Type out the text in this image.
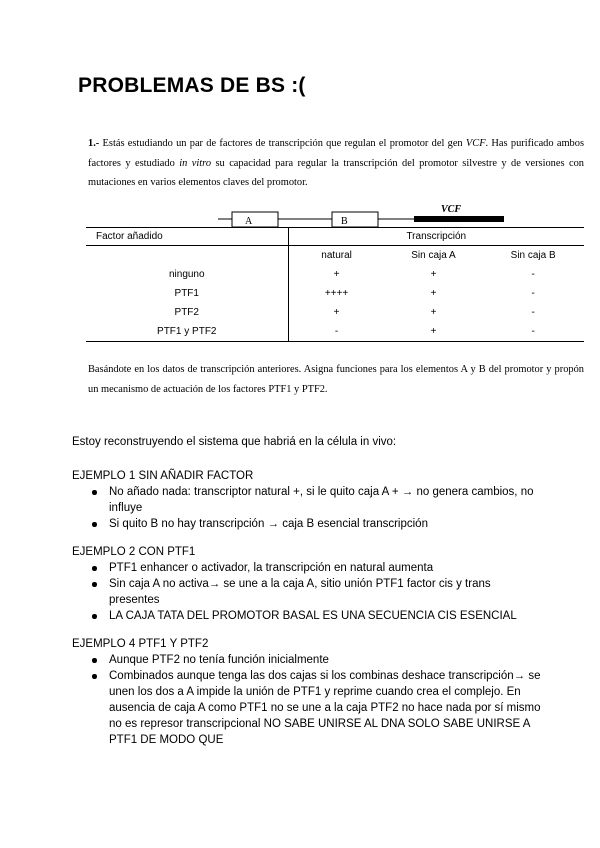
PROBLEMAS DE BS :(
1.- Estás estudiando un par de factores de transcripción que regulan el promotor del gen VCF. Has purificado ambos factores y estudiado in vitro su capacidad para regular la transcripción del promotor silvestre y de versiones con mutaciones en varios elementos claves del promotor.
A	B
VCF
Factor añadido	Transcripción		
	natural	Sin caja A	Sin caja B
ninguno	+	+	-
PTF1	++++	+	-
PTF2	+	+	-
PTF1 y PTF2	-	+	-
Basándote en los datos de transcripción anteriores. Asigna funciones para los elementos A y B del promotor y propón un mecanismo de actuación de los factores PTF1 y PTF2.

Estoy reconstruyendo el sistema que habriá en la célula in vivo:

EJEMPLO 1 SIN AÑADIR FACTOR

No añado nada: transcriptor natural +, si le quito caja A + → no genera cambios, no influye
Si quito B no hay transcripción → caja B esencial transcripción

EJEMPLO 2 CON PTF1

PTF1 enhancer o activador, la transcripción en natural aumenta
Sin caja A no activa→ se une a la caja A, sitio unión PTF1 factor cis y trans presentes
LA CAJA TATA DEL PROMOTOR BASAL ES UNA SECUENCIA CIS ESENCIAL

EJEMPLO 4 PTF1 Y PTF2

Aunque PTF2 no tenía función inicialmente
Combinados aunque tenga las dos cajas si los combinas deshace transcripción→ se unen los dos a A impide la unión de PTF1 y reprime cuando crea el complejo. En ausencia de caja A como PTF1 no se une a la caja PTF2 no hace nada por sí mismo no es represor transcripcional NO SABE UNIRSE AL DNA SOLO SABE UNIRSE A PTF1 DE MODO QUE
